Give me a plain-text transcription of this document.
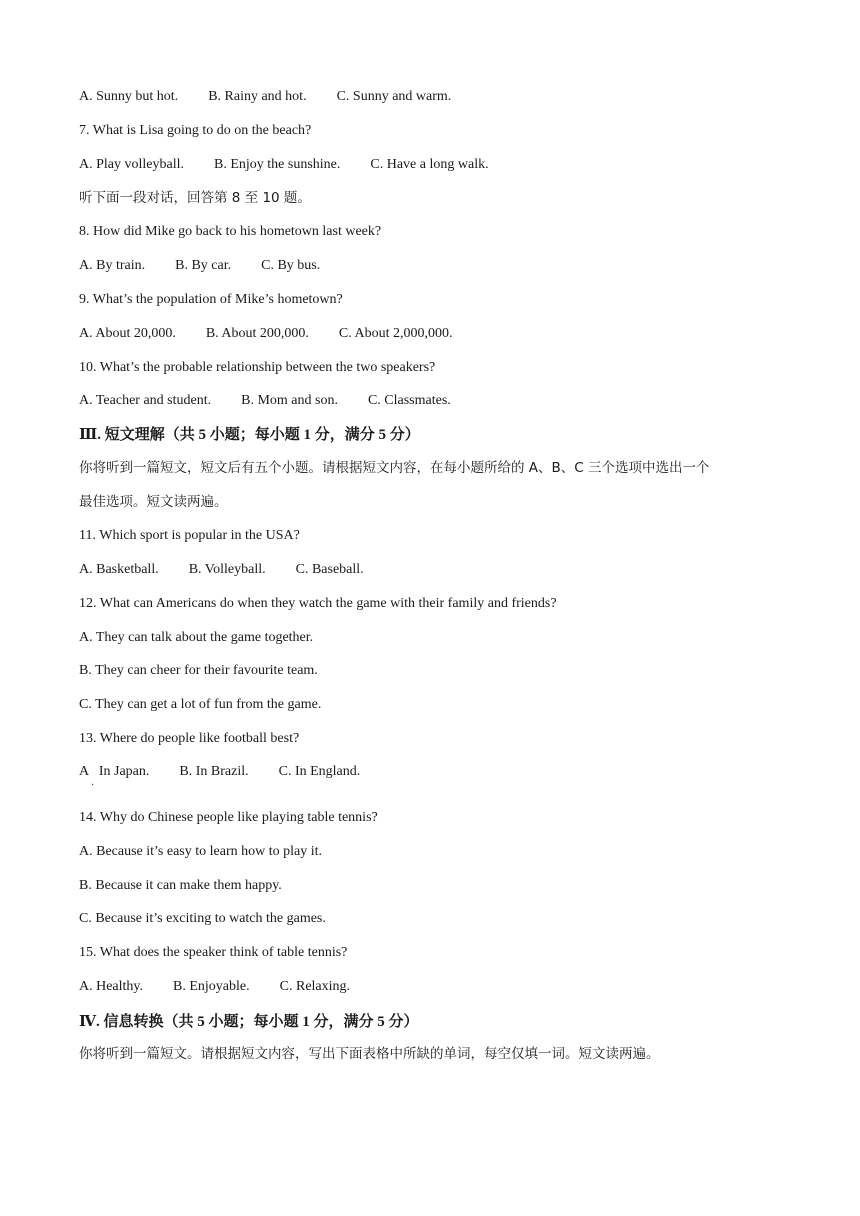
A. Sunny but hot. B. Rainy and hot. C. Sunny and warm.
7. What is Lisa going to do on the beach?
A. Play volleyball. B. Enjoy the sunshine. C. Have a long walk.
听下面一段对话，回答第 8 至 10 题。
8. How did Mike go back to his hometown last week?
A. By train. B. By car. C. By bus.
9. What’s the population of Mike’s hometown?
A. About 20,000. B. About 200,000. C. About 2,000,000.
10. What’s the probable relationship between the two speakers?
A. Teacher and student. B. Mom and son. C. Classmates.
Ⅲ. 短文理解（共 5 小题；每小题 1 分，满分 5 分）
你将听到一篇短文，短文后有五个小题。请根据短文内容，在每小题所给的 A、B、C 三个选项中选出一个
最佳选项。短文读两遍。
11. Which sport is popular in the USA?
A. Basketball. B. Volleyball. C. Baseball.
12. What can Americans do when they watch the game with their family and friends?
A. They can talk about the game together.
B. They can cheer for their favourite team.
C. They can get a lot of fun from the game.
13. Where do people like football best?
A   In Japan. B. In Brazil. C. In England.
·
14. Why do Chinese people like playing table tennis?
A. Because it’s easy to learn how to play it.
B. Because it can make them happy.
C. Because it’s exciting to watch the games.
15. What does the speaker think of table tennis?
A. Healthy. B. Enjoyable. C. Relaxing.
Ⅳ. 信息转换（共 5 小题；每小题 1 分，满分 5 分）
你将听到一篇短文。请根据短文内容，写出下面表格中所缺的单词，每空仅填一词。短文读两遍。
